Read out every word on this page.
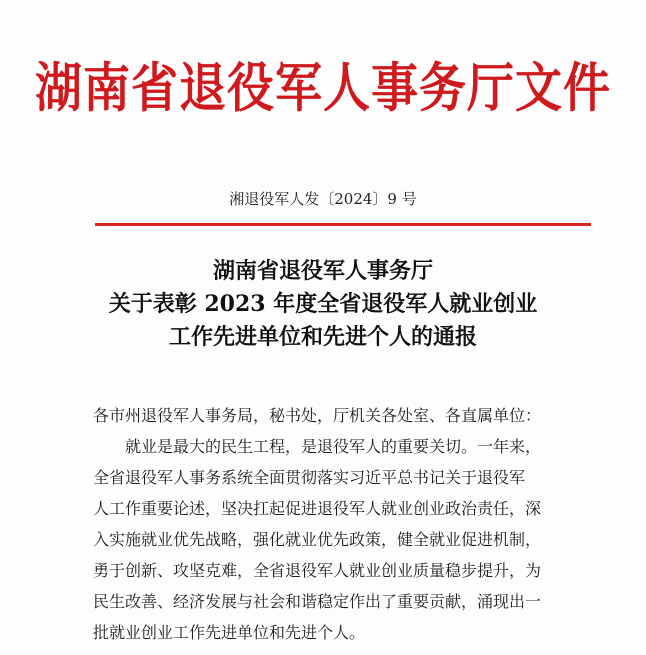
湖南省退役军人事务厅文件
湘退役军人发〔2024〕9 号
湖南省退役军人事务厅
关于表彰 2023 年度全省退役军人就业创业
工作先进单位和先进个人的通报
各市州退役军人事务局，秘书处，厅机关各处室、各直属单位：
就业是最大的民生工程，是退役军人的重要关切。一年来，
全省退役军人事务系统全面贯彻落实习近平总书记关于退役军
人工作重要论述，坚决扛起促进退役军人就业创业政治责任，深
入实施就业优先战略，强化就业优先政策，健全就业促进机制，
勇于创新、攻坚克难，全省退役军人就业创业质量稳步提升，为
民生改善、经济发展与社会和谐稳定作出了重要贡献，涌现出一
批就业创业工作先进单位和先进个人。
